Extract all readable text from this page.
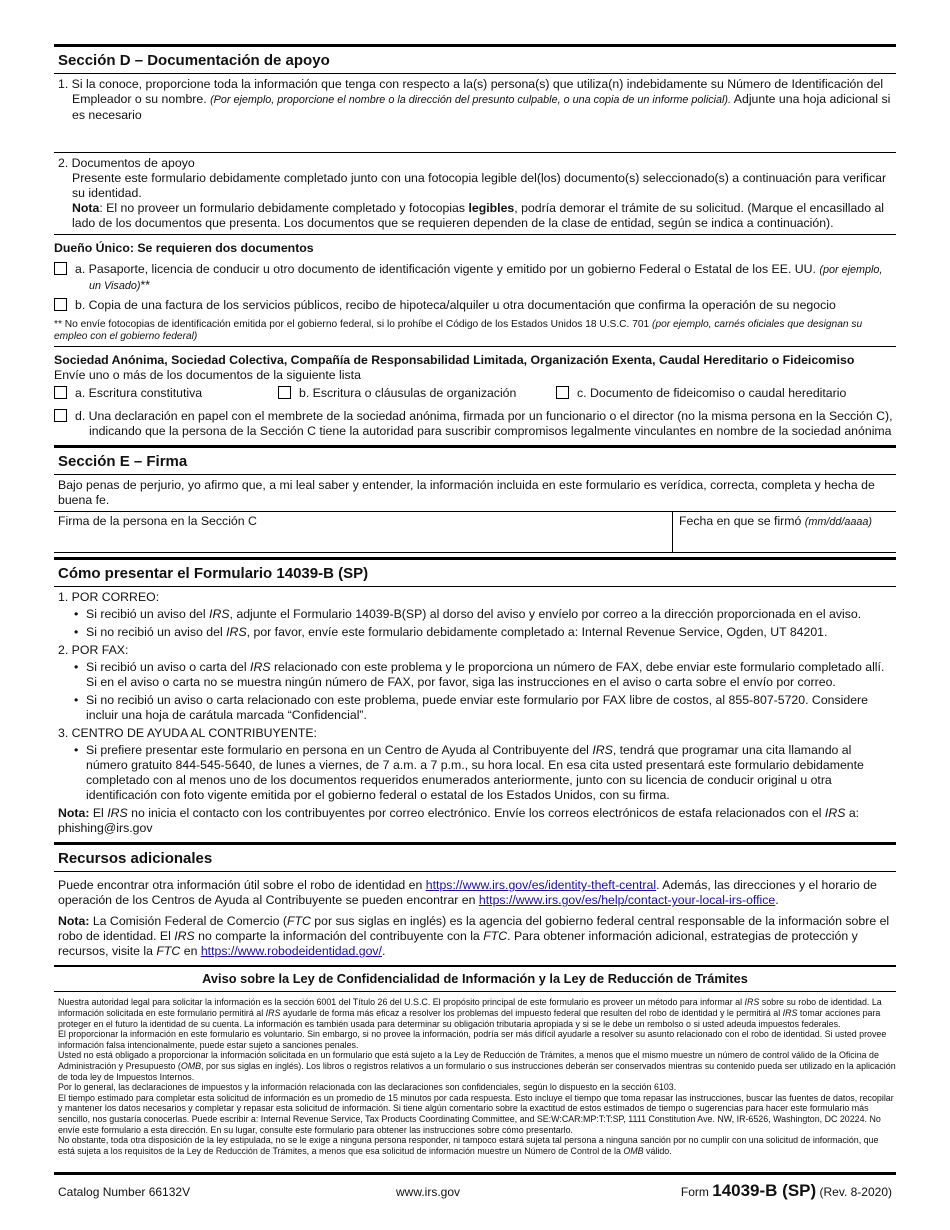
Sección D – Documentación de apoyo
1. Si la conoce, proporcione toda la información que tenga con respecto a la(s) persona(s) que utiliza(n) indebidamente su Número de Identificación del Empleador o su nombre. (Por ejemplo, proporcione el nombre o la dirección del presunto culpable, o una copia de un informe policial). Adjunte una hoja adicional si es necesario
2. Documentos de apoyo
Presente este formulario debidamente completado junto con una fotocopia legible del(los) documento(s) seleccionado(s) a continuación para verificar su identidad.
Nota: El no proveer un formulario debidamente completado y fotocopias legibles, podría demorar el trámite de su solicitud. (Marque el encasillado al lado de los documentos que presenta. Los documentos que se requieren dependen de la clase de entidad, según se indica a continuación).
Dueño Único: Se requieren dos documentos
a. Pasaporte, licencia de conducir u otro documento de identificación vigente y emitido por un gobierno Federal o Estatal de los EE. UU. (por ejemplo, un Visado)**
b. Copia de una factura de los servicios públicos, recibo de hipoteca/alquiler u otra documentación que confirma la operación de su negocio
** No envíe fotocopias de identificación emitida por el gobierno federal, si lo prohíbe el Código de los Estados Unidos 18 U.S.C. 701 (por ejemplo, carnés oficiales que designan su empleo con el gobierno federal)
Sociedad Anónima, Sociedad Colectiva, Compañía de Responsabilidad Limitada, Organización Exenta, Caudal Hereditario o Fideicomiso
Envíe uno o más de los documentos de la siguiente lista
a. Escritura constitutiva	b. Escritura o cláusulas de organización	c. Documento de fideicomiso o caudal hereditario
d. Una declaración en papel con el membrete de la sociedad anónima, firmada por un funcionario o el director (no la misma persona en la Sección C), indicando que la persona de la Sección C tiene la autoridad para suscribir compromisos legalmente vinculantes en nombre de la sociedad anónima
Sección E – Firma
Bajo penas de perjurio, yo afirmo que, a mi leal saber y entender, la información incluida en este formulario es verídica, correcta, completa y hecha de buena fe.
Firma de la persona en la Sección C	Fecha en que se firmó (mm/dd/aaaa)
Cómo presentar el Formulario 14039-B (SP)
1. POR CORREO:
• Si recibió un aviso del IRS, adjunte el Formulario 14039-B(SP) al dorso del aviso y envíelo por correo a la dirección proporcionada en el aviso.
• Si no recibió un aviso del IRS, por favor, envíe este formulario debidamente completado a: Internal Revenue Service, Ogden, UT 84201.
2. POR FAX:
• Si recibió un aviso o carta del IRS relacionado con este problema y le proporciona un número de FAX, debe enviar este formulario completado allí. Si en el aviso o carta no se muestra ningún número de FAX, por favor, siga las instrucciones en el aviso o carta sobre el envío por correo.
• Si no recibió un aviso o carta relacionado con este problema, puede enviar este formulario por FAX libre de costos, al 855-807-5720. Considere incluir una hoja de carátula marcada “Confidencial”.
3. CENTRO DE AYUDA AL CONTRIBUYENTE:
• Si prefiere presentar este formulario en persona en un Centro de Ayuda al Contribuyente del IRS, tendrá que programar una cita llamando al número gratuito 844-545-5640, de lunes a viernes, de 7 a.m. a 7 p.m., su hora local. En esa cita usted presentará este formulario debidamente completado con al menos uno de los documentos requeridos enumerados anteriormente, junto con su licencia de conducir original u otra identificación con foto vigente emitida por el gobierno federal o estatal de los Estados Unidos, con su firma.
Nota: El IRS no inicia el contacto con los contribuyentes por correo electrónico. Envíe los correos electrónicos de estafa relacionados con el IRS a: phishing@irs.gov
Recursos adicionales
Puede encontrar otra información útil sobre el robo de identidad en https://www.irs.gov/es/identity-theft-central. Además, las direcciones y el horario de operación de los Centros de Ayuda al Contribuyente se pueden encontrar en https://www.irs.gov/es/help/contact-your-local-irs-office.
Nota: La Comisión Federal de Comercio (FTC por sus siglas en inglés) es la agencia del gobierno federal central responsable de la información sobre el robo de identidad. El IRS no comparte la información del contribuyente con la FTC. Para obtener información adicional, estrategias de protección y recursos, visite la FTC en https://www.robodeidentidad.gov/.
Aviso sobre la Ley de Confidencialidad de Información y la Ley de Reducción de Trámites
Nuestra autoridad legal para solicitar la información es la sección 6001 del Título 26 del U.S.C. El propósito principal de este formulario es proveer un método para informar al IRS sobre su robo de identidad. La información solicitada en este formulario permitirá al IRS ayudarle de forma más eficaz a resolver los problemas del impuesto federal que resulten del robo de identidad y le permitirá al IRS tomar acciones para proteger en el futuro la identidad de su cuenta. La información es también usada para determinar su obligación tributaria apropiada y si se le debe un rembolso o si usted adeuda impuestos federales.
El proporcionar la información en este formulario es voluntario. Sin embargo, si no provee la información, podría ser más difícil ayudarle a resolver su asunto relacionado con el robo de identidad. Si usted provee información falsa intencionalmente, puede estar sujeto a sanciones penales.
Usted no está obligado a proporcionar la información solicitada en un formulario que está sujeto a la Ley de Reducción de Trámites, a menos que el mismo muestre un número de control válido de la Oficina de Administración y Presupuesto (OMB, por sus siglas en inglés). Los libros o registros relativos a un formulario o sus instrucciones deberán ser conservados mientras su contenido pueda ser utilizado en la aplicación de toda ley de Impuestos Internos.
Por lo general, las declaraciones de impuestos y la información relacionada con las declaraciones son confidenciales, según lo dispuesto en la sección 6103.
El tiempo estimado para completar esta solicitud de información es un promedio de 15 minutos por cada respuesta. Esto incluye el tiempo que toma repasar las instrucciones, buscar las fuentes de datos, recopilar y mantener los datos necesarios y completar y repasar esta solicitud de información. Si tiene algún comentario sobre la exactitud de estos estimados de tiempo o sugerencias para hacer este formulario más sencillo, nos gustaría conocerlas. Puede escribir a: Internal Revenue Service, Tax Products Coordinating Committee, and SE:W:CAR:MP:T:T:SP, 1111 Constitution Ave. NW, IR-6526, Washington, DC 20224. No envíe este formulario a esta dirección. En su lugar, consulte este formulario para obtener las instrucciones sobre cómo presentarlo.
No obstante, toda otra disposición de la ley estipulada, no se le exige a ninguna persona responder, ni tampoco estará sujeta tal persona a ninguna sanción por no cumplir con una solicitud de información, que está sujeta a los requisitos de la Ley de Reducción de Trámites, a menos que esa solicitud de información muestre un Número de Control de la OMB válido.
Catalog Number 66132V	www.irs.gov	Form 14039-B (SP) (Rev. 8-2020)
